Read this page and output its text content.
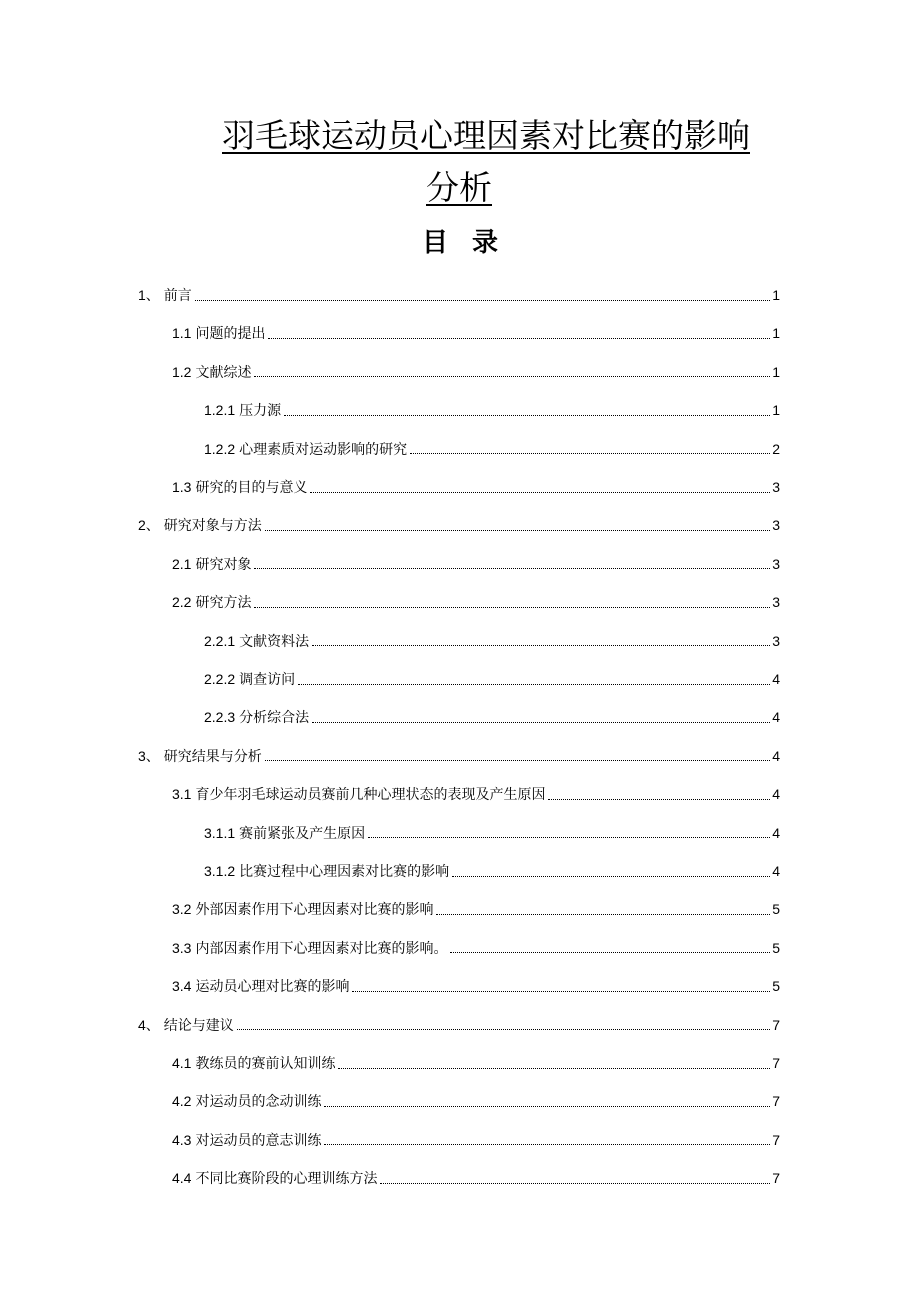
羽毛球运动员心理因素对比赛的影响
分析
目录
1、 前言	1
1.1 问题的提出	1
1.2 文献综述	1
1.2.1 压力源	1
1.2.2 心理素质对运动影响的研究	2
1.3 研究的目的与意义	3
2、 研究对象与方法	3
2.1 研究对象	3
2.2 研究方法	3
2.2.1 文献资料法	3
2.2.2 调查访问	4
2.2.3 分析综合法	4
3、 研究结果与分析	4
3.1 育少年羽毛球运动员赛前几种心理状态的表现及产生原因	4
3.1.1 赛前紧张及产生原因	4
3.1.2 比赛过程中心理因素对比赛的影响	4
3.2 外部因素作用下心理因素对比赛的影响	5
3.3 内部因素作用下心理因素对比赛的影响。	5
3.4 运动员心理对比赛的影响	5
4、 结论与建议	7
4.1 教练员的赛前认知训练	7
4.2 对运动员的念动训练	7
4.3 对运动员的意志训练	7
4.4 不同比赛阶段的心理训练方法	7
